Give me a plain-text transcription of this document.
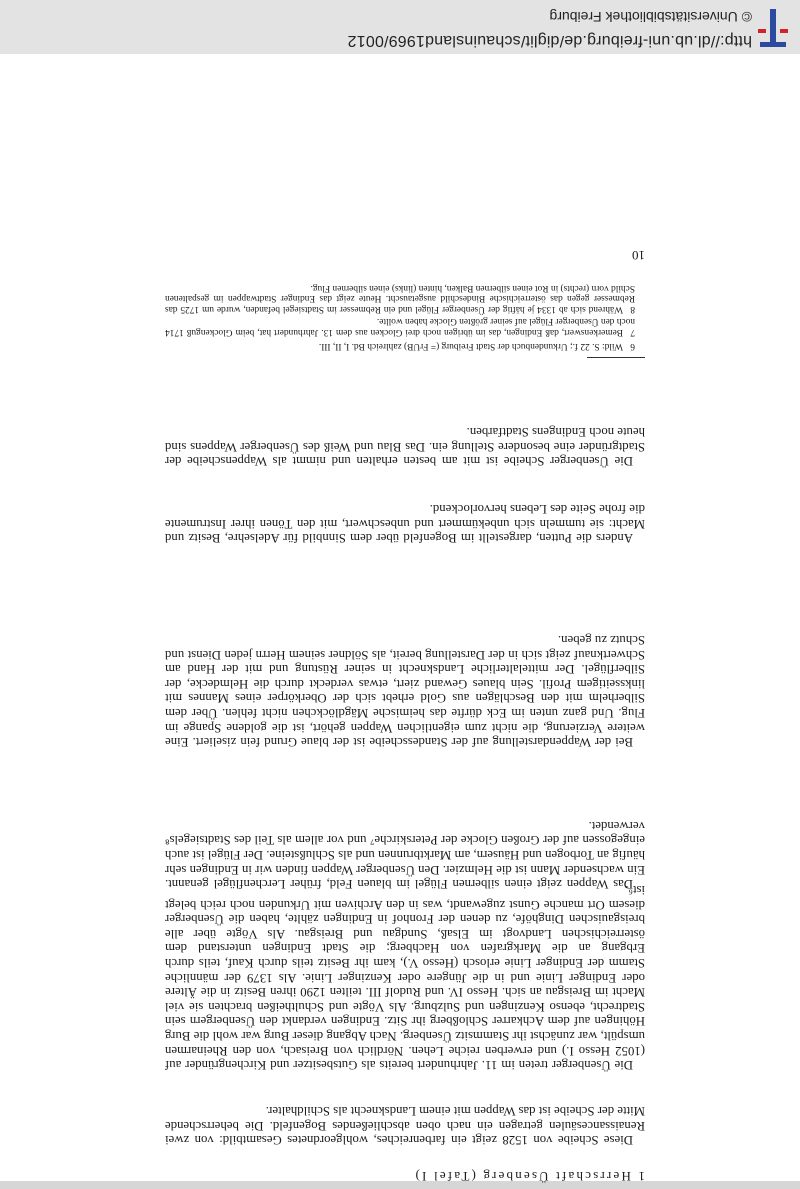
1 Herrschaft Üsenberg (Tafel I)

Diese Scheibe von 1528 zeigt ein farbenreiches, wohlgeordnetes Gesamtbild: von zwei Renaissancesäulen getragen ein nach oben abschließendes Bogenfeld. Die beherrschende Mitte der Scheibe ist das Wappen mit einem Landsknecht als Schildhalter.

Die Üsenberger treten im 11. Jahrhundert bereits als Gutsbesitzer und Kirchengründer auf (1052 Hesso I.) und erwerben reiche Lehen. Nördlich von Breisach, von den Rheinarmen umspült, war zunächst ihr Stammsitz Üsenberg. Nach Abgang dieser Burg war wohl die Burg Höhingen auf dem Achkarrer Schloßberg ihr Sitz. Endingen verdankt den Üsenbergern sein Stadtrecht, ebenso Kenzingen und Sulzburg. Als Vögte und Schultheißen brachten sie viel Macht im Breisgau an sich. Hesso IV. und Rudolf III. teilten 1290 ihren Besitz in die Ältere oder Endinger Linie und in die Jüngere oder Kenzinger Linie. Als 1379 der männliche Stamm der Endinger Linie erlosch (Hesso V.), kam ihr Besitz teils durch Kauf, teils durch Erbgang an die Markgrafen von Hachberg; die Stadt Endingen unterstand dem österreichischen Landvogt im Elsaß, Sundgau und Breisgau. Als Vögte über alle breisgauischen Dinghöfe, zu denen der Fronhof in Endingen zählte, haben die Üsenberger diesem Ort manche Gunst zugewandt, was in den Archiven mit Urkunden noch reich belegt ist⁶.

Das Wappen zeigt einen silbernen Flügel im blauen Feld, früher Lerchenflügel genannt. Ein wachsender Mann ist die Helmzier. Den Üsenberger Wappen finden wir in Endingen sehr häufig an Torbogen und Häusern, am Marktbrunnen und als Schlußsteine. Der Flügel ist auch eingegossen auf der Großen Glocke der Peterskirche⁷ und vor allem als Teil des Stadtsiegels⁸ verwendet.

Bei der Wappendarstellung auf der Standesscheibe ist der blaue Grund fein ziseliert. Eine weitere Verzierung, die nicht zum eigentlichen Wappen gehört, ist die goldene Spange im Flug. Und ganz unten im Eck dürfte das heimische Mägdlöckchen nicht fehlen. Über dem Silberhelm mit den Beschlägen aus Gold erhebt sich der Oberkörper eines Mannes mit linksseitigem Profil. Sein blaues Gewand ziert, etwas verdeckt durch die Helmdecke, der Silberflügel. Der mittelalterliche Landsknecht in seiner Rüstung und mit der Hand am Schwertknauf zeigt sich in der Darstellung bereit, als Söldner seinem Herrn jeden Dienst und Schutz zu geben.

Anders die Putten, dargestellt im Bogenfeld über dem Sinnbild für Adelsehre, Besitz und Macht: sie tummeln sich unbekümmert und unbeschwert, mit den Tönen ihrer Instrumente die frohe Seite des Lebens hervorlockend.

Die Üsenberger Scheibe ist mit am besten erhalten und nimmt als Wappenscheibe der Stadtgründer eine besondere Stellung ein. Das Blau und Weiß des Üsenberger Wappens sind heute noch Endingens Stadtfarben.

6Wild: S. 22 f.; Urkundenbuch der Stadt Freiburg (= FrUB) zahlreich Bd. I, II, III.
7Bemerkenswert, daß Endingen, das im übrigen noch drei Glocken aus dem 13. Jahrhundert hat, beim Glockenguß 1714 noch den Üsenberger Flügel auf seiner größten Glocke haben wollte.
8Während sich ab 1334 je häftig der Üsenberger Flügel und ein Rebmesser im Stadtsiegel befanden, wurde um 1725 das Rebmesser gegen das österreichische Bindeschild ausgetauscht. Heute zeigt das Endinger Stadtwappen im gespaltenen Schild vorn (rechts) in Rot einen silbernen Balken, hinten (links) einen silbernen Flug.
10
http://dl.ub.uni-freiburg.de/diglit/schauinsland1969/0012
© Universitätsbibliothek Freiburg
